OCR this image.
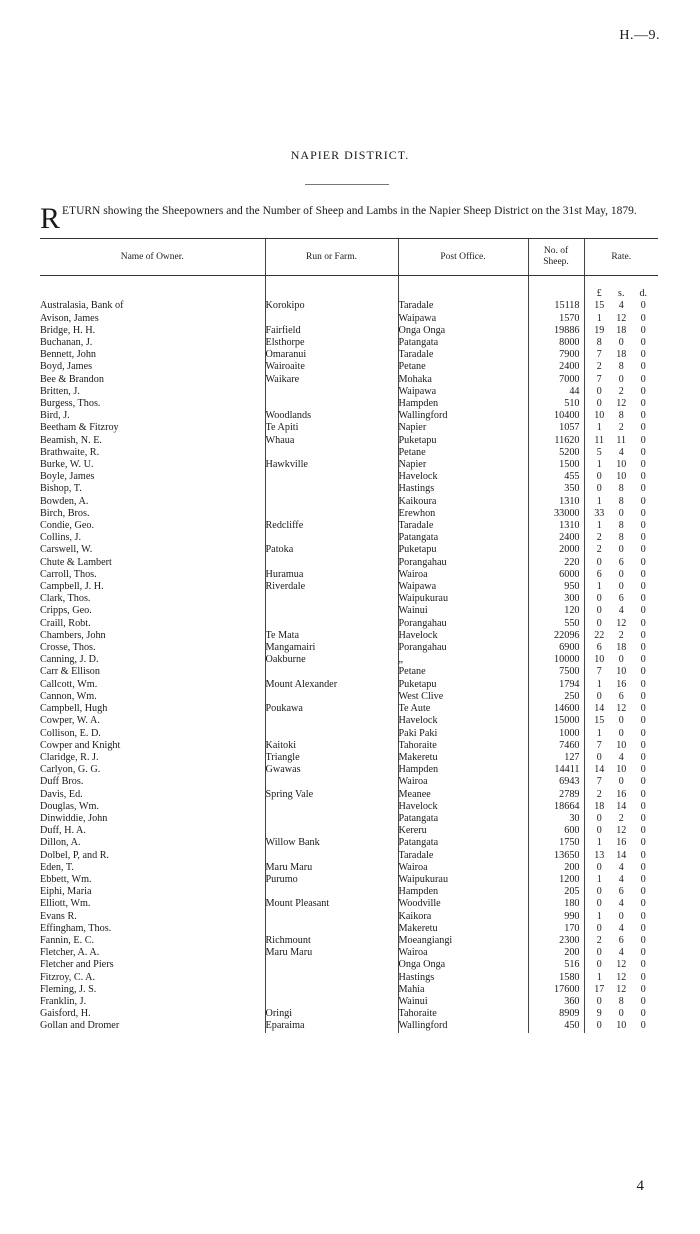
H.—9.
NAPIER DISTRICT.
RETURN showing the Sheepowners and the Number of Sheep and Lambs in the Napier Sheep District on the 31st May, 1879.
Name of Owner.	Run or Farm.	Post Office.	No. of Sheep.	Rate.

				£ s. d.
Australasia, Bank of	Korokipo	Taradale	15118	15 4 0
Avison, James		Waipawa	1570	1 12 0
Bridge, H. H.	Fairfield	Onga Onga	19886	19 18 0
Buchanan, J.	Elsthorpe	Patangata	8000	8 0 0
Bennett, John	Omaranui	Taradale	7900	7 18 0
Boyd, James	Wairoaite	Petane	2400	2 8 0
Bee & Brandon	Waikare	Mohaka	7000	7 0 0
Britten, J.		Waipawa	44	0 2 0
Burgess, Thos.		Hampden	510	0 12 0
Bird, J.	Woodlands	Wallingford	10400	10 8 0
Beetham & Fitzroy	Te Apiti	Napier	1057	1 2 0
Beamish, N. E.	Whaua	Puketapu	11620	11 11 0
Brathwaite, R.		Petane	5200	5 4 0
Burke, W. U.	Hawkville	Napier	1500	1 10 0
Boyle, James		Havelock	455	0 10 0
Bishop, T.		Hastings	350	0 8 0
Bowden, A.		Kaikoura	1310	1 8 0
Birch, Bros.		Erewhon	33000	33 0 0
Condie, Geo.	Redcliffe	Taradale	1310	1 8 0
Collins, J.		Patangata	2400	2 8 0
Carswell, W.	Patoka	Puketapu	2000	2 0 0
Chute & Lambert		Porangahau	220	0 6 0
Carroll, Thos.	Huramua	Wairoa	6000	6 0 0
Campbell, J. H.	Riverdale	Waipawa	950	1 0 0
Clark, Thos.		Waipukurau	300	0 6 0
Cripps, Geo.		Wainui	120	0 4 0
Craill, Robt.		Porangahau	550	0 12 0
Chambers, John	Te Mata	Havelock	22096	22 2 0
Crosse, Thos.	Mangamairi	Porangahau	6900	6 18 0
Canning, J. D.	Oakburne	„	10000	10 0 0
Carr & Ellison		Petane	7500	7 10 0
Callcott, Wm.	Mount Alexander	Puketapu	1794	1 16 0
Cannon, Wm.		West Clive	250	0 6 0
Campbell, Hugh	Poukawa	Te Aute	14600	14 12 0
Cowper, W. A.		Havelock	15000	15 0 0
Collison, E. D.		Paki Paki	1000	1 0 0
Cowper and Knight	Kaitoki	Tahoraite	7460	7 10 0
Claridge, R. J.	Triangle	Makeretu	127	0 4 0
Carlyon, G. G.	Gwawas	Hampden	14411	14 10 0
Duff Bros.		Wairoa	6943	7 0 0
Davis, Ed.	Spring Vale	Meanee	2789	2 16 0
Douglas, Wm.		Havelock	18664	18 14 0
Dinwiddie, John		Patangata	30	0 2 0
Duff, H. A.		Kereru	600	0 12 0
Dillon, A.	Willow Bank	Patangata	1750	1 16 0
Dolbel, P, and R.		Taradale	13650	13 14 0
Eden, T.	Maru Maru	Wairoa	200	0 4 0
Ebbett, Wm.	Purumo	Waipukurau	1200	1 4 0
Eiphi, Maria		Hampden	205	0 6 0
Elliott, Wm.	Mount Pleasant	Woodville	180	0 4 0
Evans R.		Kaikora	990	1 0 0
Effingham, Thos.		Makeretu	170	0 4 0
Fannin, E. C.	Richmount	Moeangiangi	2300	2 6 0
Fletcher, A. A.	Maru Maru	Wairoa	200	0 4 0
Fletcher and Piers		Onga Onga	516	0 12 0
Fitzroy, C. A.		Hastings	1580	1 12 0
Fleming, J. S.		Mahia	17600	17 12 0
Franklin, J.		Wainui	360	0 8 0
Gaisford, H.	Oringi	Tahoraite	8909	9 0 0
Gollan and Dromer	Eparaima	Wallingford	450	0 10 0
4
